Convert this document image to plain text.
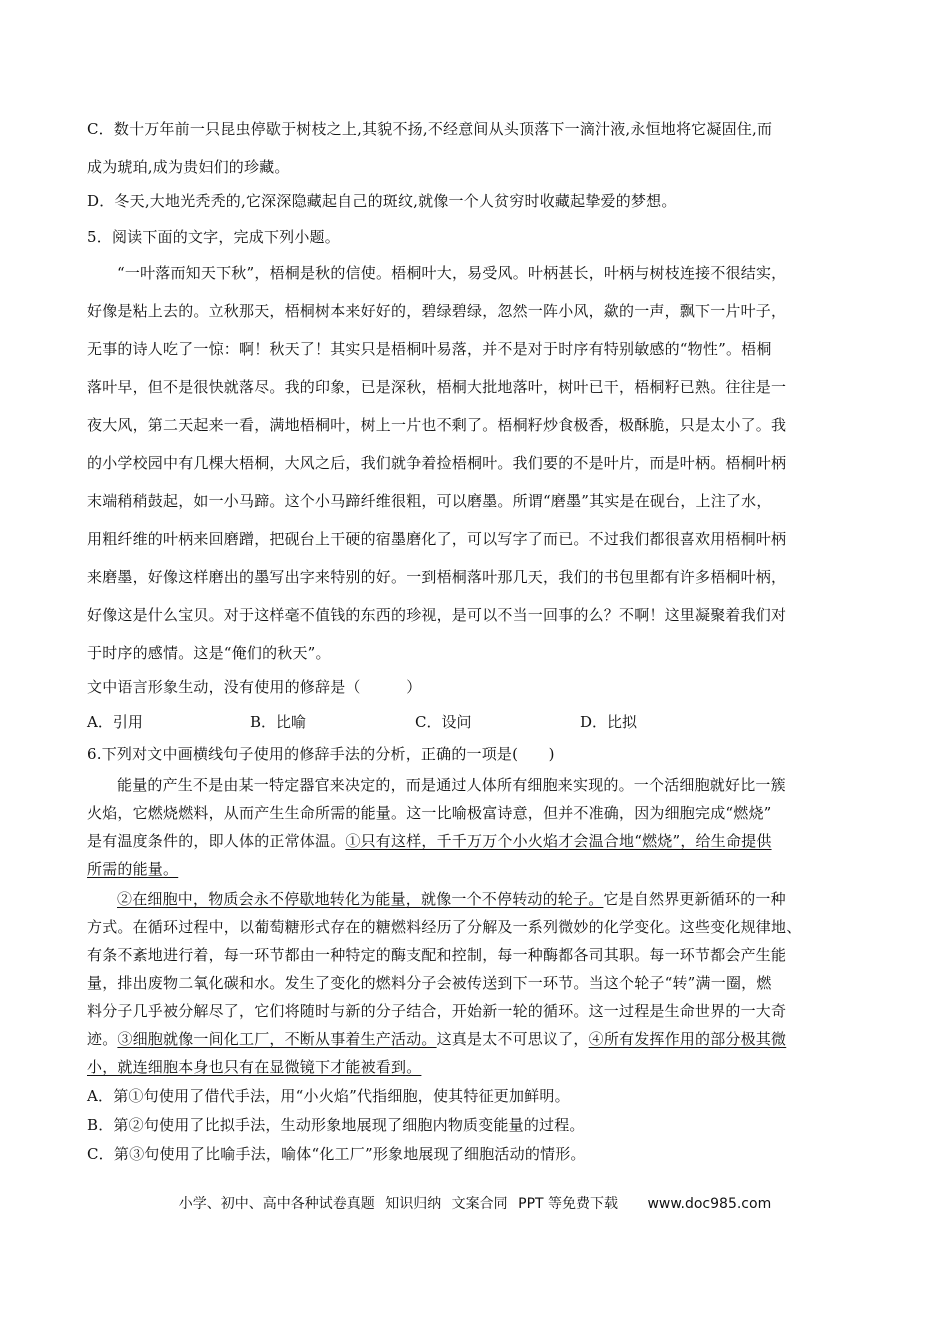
C．数十万年前一只昆虫停歇于树枝之上,其貌不扬,不经意间从头顶落下一滴汁液,永恒地将它凝固住,而
成为琥珀,成为贵妇们的珍藏。
D．冬天,大地光秃秃的,它深深隐藏起自己的斑纹,就像一个人贫穷时收藏起挚爱的梦想。
5．阅读下面的文字，完成下列小题。
“一叶落而知天下秋”，梧桐是秋的信使。梧桐叶大，易受风。叶柄甚长，叶柄与树枝连接不很结实，
好像是粘上去的。立秋那天，梧桐树本来好好的，碧绿碧绿，忽然一阵小风，歘的一声，飘下一片叶子，
无事的诗人吃了一惊：啊！秋天了！其实只是梧桐叶易落，并不是对于时序有特别敏感的“物性”。梧桐
落叶早，但不是很快就落尽。我的印象，已是深秋，梧桐大批地落叶，树叶已干，梧桐籽已熟。往往是一
夜大风，第二天起来一看，满地梧桐叶，树上一片也不剩了。梧桐籽炒食极香，极酥脆，只是太小了。我
的小学校园中有几棵大梧桐，大风之后，我们就争着捡梧桐叶。我们要的不是叶片，而是叶柄。梧桐叶柄
末端稍稍鼓起，如一小马蹄。这个小马蹄纤维很粗，可以磨墨。所谓“磨墨”其实是在砚台，上注了水，
用粗纤维的叶柄来回磨蹭，把砚台上干硬的宿墨磨化了，可以写字了而已。不过我们都很喜欢用梧桐叶柄
来磨墨，好像这样磨出的墨写出字来特别的好。一到梧桐落叶那几天，我们的书包里都有许多梧桐叶柄，
好像这是什么宝贝。对于这样毫不值钱的东西的珍视，是可以不当一回事的么？不啊！这里凝聚着我们对
于时序的感情。这是“俺们的秋天”。
文中语言形象生动，没有使用的修辞是（　　　）
A．引用	B．比喻	C．设问	D．比拟
6.下列对文中画横线句子使用的修辞手法的分析，正确的一项是(　　)
能量的产生不是由某一特定器官来决定的，而是通过人体所有细胞来实现的。一个活细胞就好比一簇
火焰，它燃烧燃料，从而产生生命所需的能量。这一比喻极富诗意，但并不准确，因为细胞完成“燃烧”
是有温度条件的，即人体的正常体温。①只有这样，千千万万个小火焰才会温合地“燃烧”，给生命提供
所需的能量。
②在细胞中，物质会永不停歇地转化为能量，就像一个不停转动的轮子。它是自然界更新循环的一种
方式。在循环过程中，以葡萄糖形式存在的糖燃料经历了分解及一系列微妙的化学变化。这些变化规律地、
有条不紊地进行着，每一环节都由一种特定的酶支配和控制，每一种酶都各司其职。每一环节都会产生能
量，排出废物二氧化碳和水。发生了变化的燃料分子会被传送到下一环节。当这个轮子“转”满一圈，燃
料分子几乎被分解尽了，它们将随时与新的分子结合，开始新一轮的循环。这一过程是生命世界的一大奇
迹。③细胞就像一间化工厂，不断从事着生产活动。这真是太不可思议了，④所有发挥作用的部分极其微
小，就连细胞本身也只有在显微镜下才能被看到。
A．第①句使用了借代手法，用“小火焰”代指细胞，使其特征更加鲜明。
B．第②句使用了比拟手法，生动形象地展现了细胞内物质变能量的过程。
C．第③句使用了比喻手法，喻体“化工厂”形象地展现了细胞活动的情形。
小学、初中、高中各种试卷真题 知识归纳 文案合同 PPT 等免费下载 www.doc985.com
